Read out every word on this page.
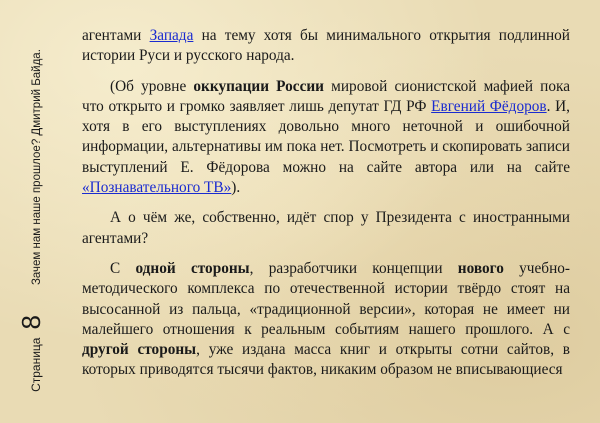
Страница
8
Зачем нам наше прошлое? Дмитрий Байда.

агентами Запада на тему хотя бы минимального открытия подлинной истории Руси и русского народа.

(Об уровне оккупации России мировой сионистской мафией пока что открыто и громко заявляет лишь депутат ГД РФ Евгений Фёдоров. И, хотя в его выступлениях довольно много неточной и ошибочной информации, альтернативы им пока нет. Посмотреть и скопировать записи выступлений Е. Фёдорова можно на сайте автора или на сайте «Познавательного ТВ»).

А о чём же, собственно, идёт спор у Президента с иностранными агентами?

С одной стороны, разработчики концепции нового учебно-методического комплекса по отечественной истории твёрдо стоят на высосанной из пальца, «традиционной версии», которая не имеет ни малейшего отношения к реальным событиям нашего прошлого. А с другой стороны, уже издана масса книг и открыты сотни сайтов, в которых приводятся тысячи фактов, никаким образом не вписывающиеся
